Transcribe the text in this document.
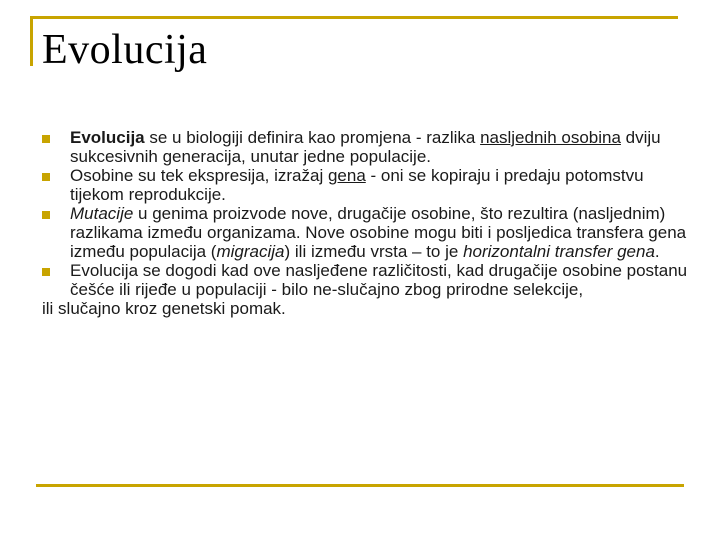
Evolucija

Evolucija se u biologiji definira kao promjena - razlika nasljednih osobina dviju sukcesivnih generacija, unutar jedne populacije.

Osobine su tek ekspresija, izražaj gena - oni se kopiraju i predaju potomstvu tijekom reprodukcije.

Mutacije u genima proizvode nove, drugačije osobine, što rezultira (nasljednim) razlikama između organizama. Nove osobine mogu biti i posljedica transfera gena između populacija (migracija) ili između vrsta – to je horizontalni transfer gena.

Evolucija se dogodi kad ove nasljeđene različitosti, kad drugačije osobine postanu češće ili rijeđe u populaciji - bilo ne-slučajno zbog prirodne selekcije,

ili slučajno kroz genetski pomak.
